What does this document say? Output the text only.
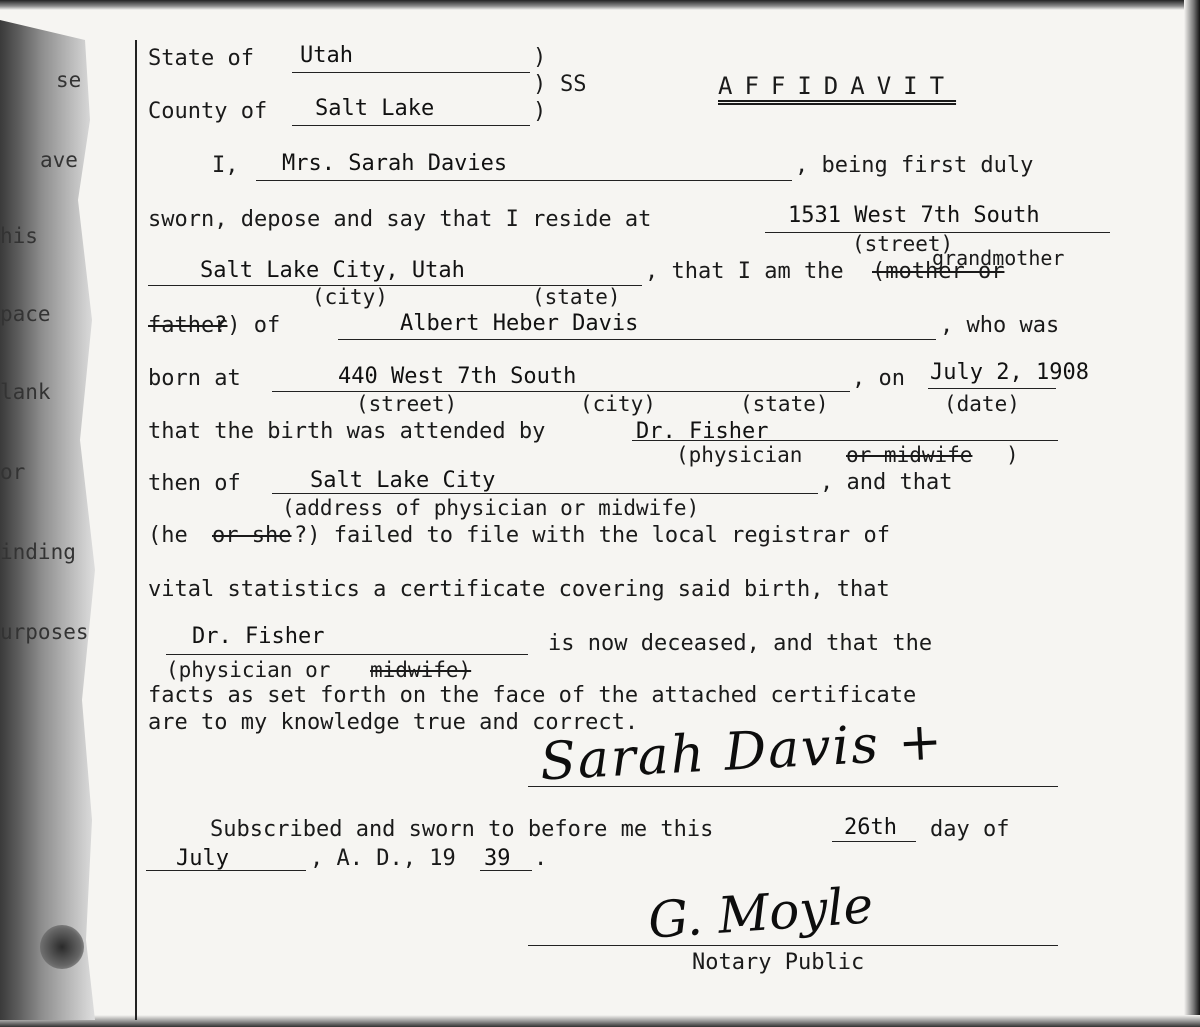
se
ave
his
pace
lank
or
inding
urposes
State of Utah	)
) SS	AFFIDAVIT
County of Salt Lake	)
I, Mrs. Sarah Davies	, being first duly
sworn, depose and say that I reside at	1531 West 7th South
(street)
Salt Lake City, Utah	, that I am the
grandmother
(mother or
(city)	(state)
father
?) of	Albert Heber Davis	, who was
born at	440 West 7th South	, on July 2, 1908
(street)	(city)	(state)	(date)
that the birth was attended by	Dr. Fisher
(physician or midwife )
then of	Salt Lake City	, and that
(address of physician or midwife)
(he or she ?) failed to file with the local registrar of
vital statistics a certificate covering said birth, that
Dr. Fisher	is now deceased, and that the
(physician or midwife)
facts as set forth on the face of the attached certificate
are to my knowledge true and correct.
Sarah Davis +
Subscribed and sworn to before me this	26th day of
July	, A. D., 19 39 .
G. Moyle
Notary Public
